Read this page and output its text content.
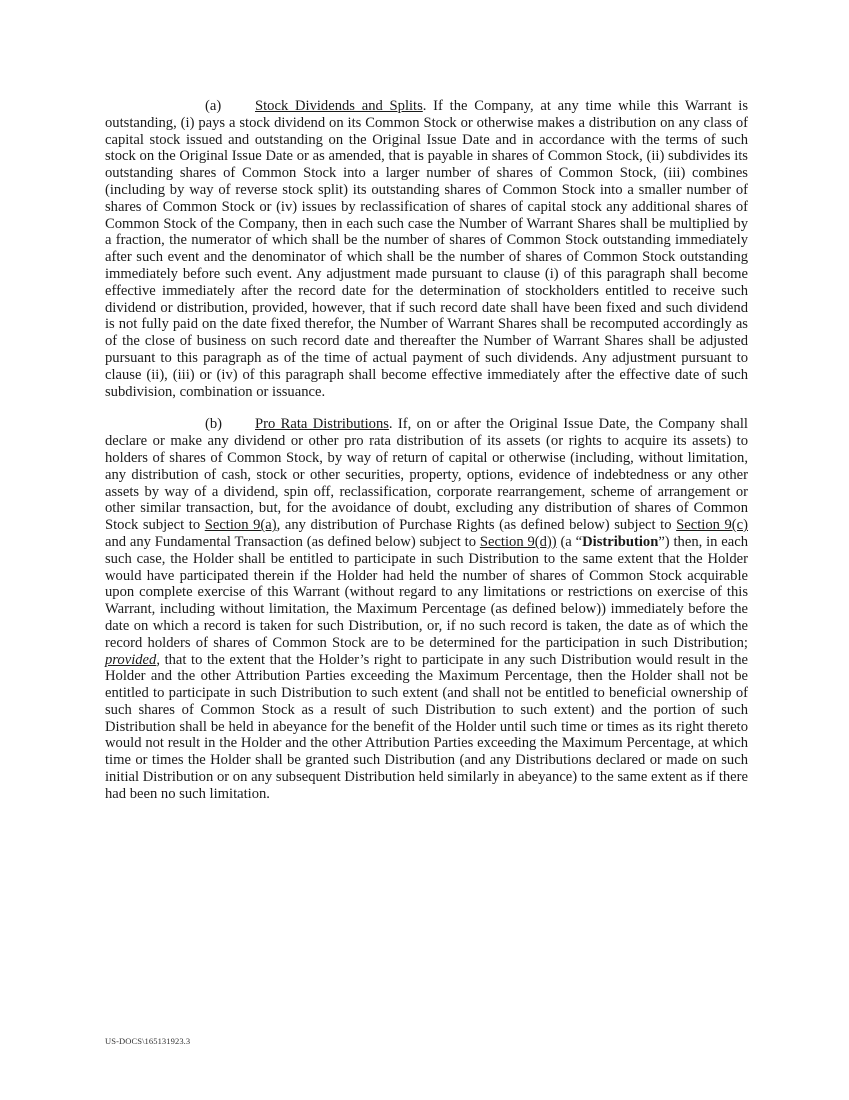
(a) Stock Dividends and Splits. If the Company, at any time while this Warrant is outstanding, (i) pays a stock dividend on its Common Stock or otherwise makes a distribution on any class of capital stock issued and outstanding on the Original Issue Date and in accordance with the terms of such stock on the Original Issue Date or as amended, that is payable in shares of Common Stock, (ii) subdivides its outstanding shares of Common Stock into a larger number of shares of Common Stock, (iii) combines (including by way of reverse stock split) its outstanding shares of Common Stock into a smaller number of shares of Common Stock or (iv) issues by reclassification of shares of capital stock any additional shares of Common Stock of the Company, then in each such case the Number of Warrant Shares shall be multiplied by a fraction, the numerator of which shall be the number of shares of Common Stock outstanding immediately after such event and the denominator of which shall be the number of shares of Common Stock outstanding immediately before such event. Any adjustment made pursuant to clause (i) of this paragraph shall become effective immediately after the record date for the determination of stockholders entitled to receive such dividend or distribution, provided, however, that if such record date shall have been fixed and such dividend is not fully paid on the date fixed therefor, the Number of Warrant Shares shall be recomputed accordingly as of the close of business on such record date and thereafter the Number of Warrant Shares shall be adjusted pursuant to this paragraph as of the time of actual payment of such dividends. Any adjustment pursuant to clause (ii), (iii) or (iv) of this paragraph shall become effective immediately after the effective date of such subdivision, combination or issuance.

(b) Pro Rata Distributions. If, on or after the Original Issue Date, the Company shall declare or make any dividend or other pro rata distribution of its assets (or rights to acquire its assets) to holders of shares of Common Stock, by way of return of capital or otherwise (including, without limitation, any distribution of cash, stock or other securities, property, options, evidence of indebtedness or any other assets by way of a dividend, spin off, reclassification, corporate rearrangement, scheme of arrangement or other similar transaction, but, for the avoidance of doubt, excluding any distribution of shares of Common Stock subject to Section 9(a), any distribution of Purchase Rights (as defined below) subject to Section 9(c) and any Fundamental Transaction (as defined below) subject to Section 9(d)) (a “Distribution”) then, in each such case, the Holder shall be entitled to participate in such Distribution to the same extent that the Holder would have participated therein if the Holder had held the number of shares of Common Stock acquirable upon complete exercise of this Warrant (without regard to any limitations or restrictions on exercise of this Warrant, including without limitation, the Maximum Percentage (as defined below)) immediately before the date on which a record is taken for such Distribution, or, if no such record is taken, the date as of which the record holders of shares of Common Stock are to be determined for the participation in such Distribution; provided, that to the extent that the Holder’s right to participate in any such Distribution would result in the Holder and the other Attribution Parties exceeding the Maximum Percentage, then the Holder shall not be entitled to participate in such Distribution to such extent (and shall not be entitled to beneficial ownership of such shares of Common Stock as a result of such Distribution to such extent) and the portion of such Distribution shall be held in abeyance for the benefit of the Holder until such time or times as its right thereto would not result in the Holder and the other Attribution Parties exceeding the Maximum Percentage, at which time or times the Holder shall be granted such Distribution (and any Distributions declared or made on such initial Distribution or on any subsequent Distribution held similarly in abeyance) to the same extent as if there had been no such limitation.

US-DOCS\165131923.3
